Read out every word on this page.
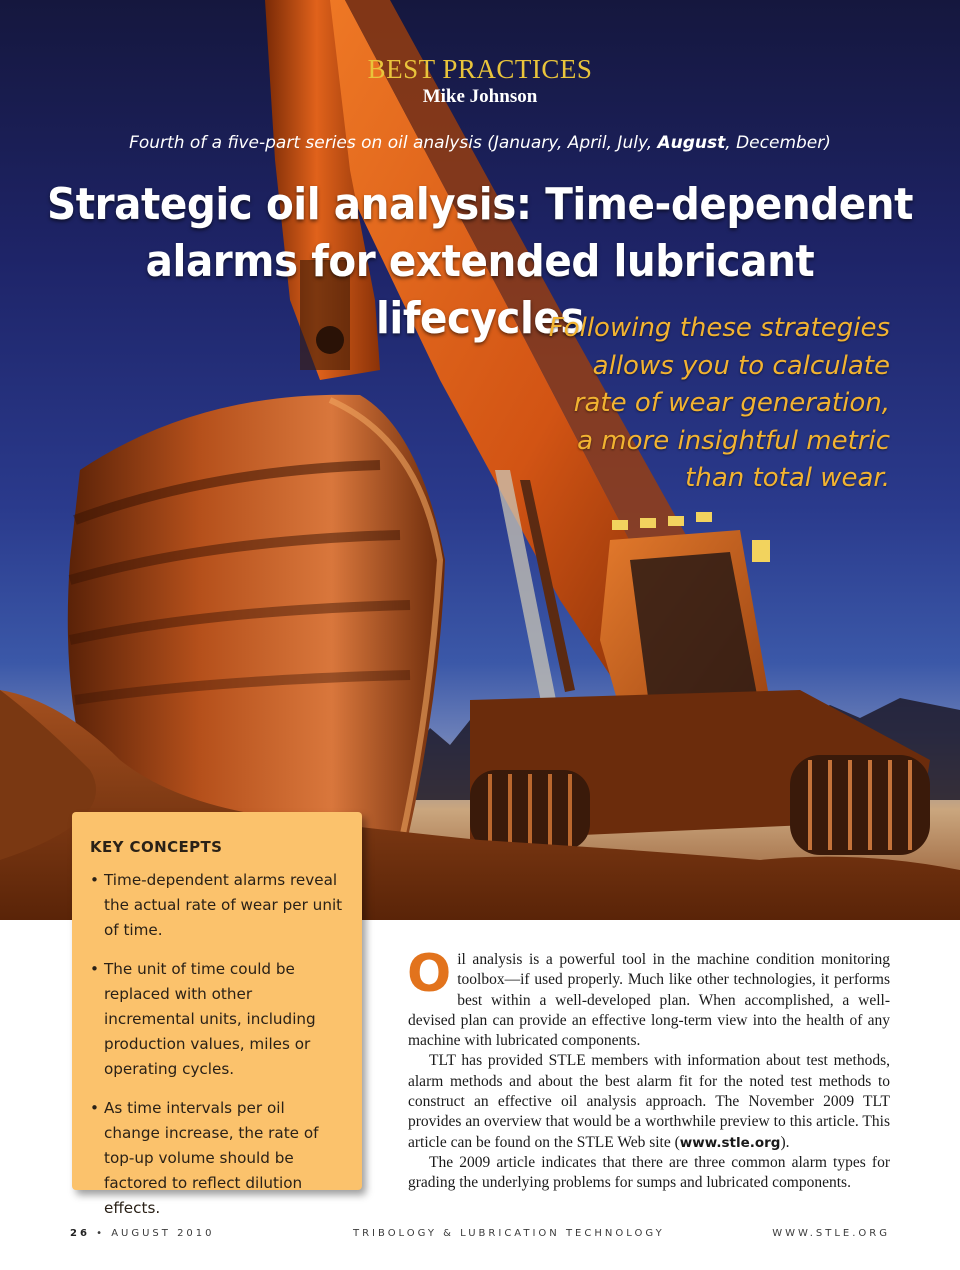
BEST PRACTICES
Mike Johnson
Fourth of a five-part series on oil analysis (January, April, July, August, December)
Strategic oil analysis: Time-dependent
alarms for extended lubricant lifecycles
Following these strategies
allows you to calculate
rate of wear generation,
a more insightful metric
than total wear.
KEY CONCEPTS
• Time-dependent alarms reveal the actual rate of wear per unit of time.
• The unit of time could be replaced with other incremental units, including production values, miles or operating cycles.
• As time intervals per oil change increase, the rate of top-up volume should be factored to reflect dilution effects.

Oil analysis is a powerful tool in the machine condition monitoring toolbox—if used properly. Much like other technologies, it performs best within a well-developed plan. When accomplished, a well-devised plan can provide an effective long-term view into the health of any machine with lubricated components.

TLT has provided STLE members with information about test methods, alarm methods and about the best alarm fit for the noted test methods to construct an effective oil analysis approach. The November 2009 TLT provides an overview that would be a worthwhile preview to this article. This article can be found on the STLE Web site (www.stle.org).

The 2009 article indicates that there are three common alarm types for grading the underlying problems for sumps and lubricated components.

26 • AUGUST 2010	TRIBOLOGY & LUBRICATION TECHNOLOGY	WWW.STLE.ORG
